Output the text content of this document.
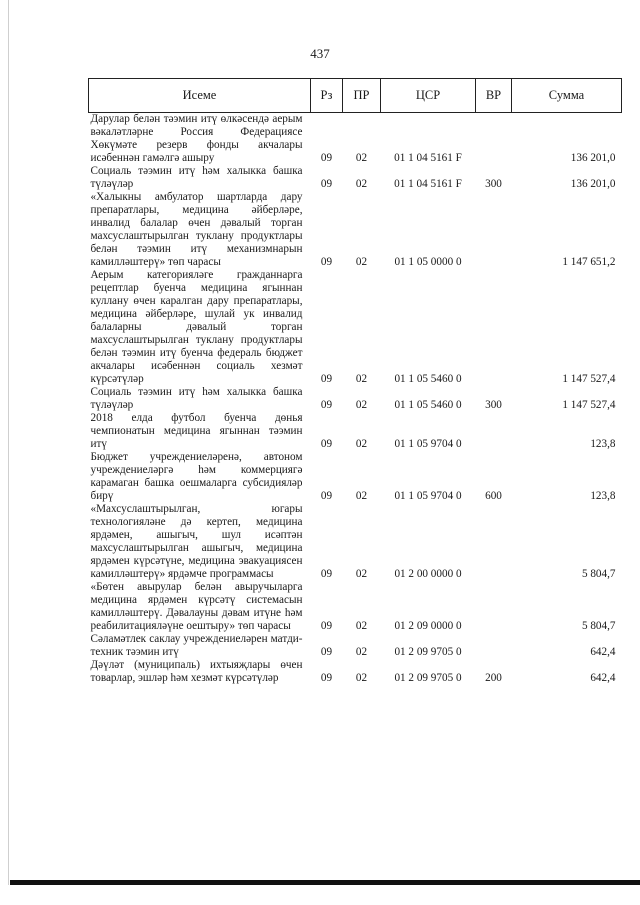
437
Исеме	Рз	ПР	ЦСР	ВР	Сумма
Дарулар белән тәэмин итү өлкәсендә аерым вәкаләтләрне Россия Федерациясе Хөкүмәте резерв фонды акчалары исәбеннән гамәлгә ашыру	09	02	01 1 04 5161 F		136 201,0
Социаль тәэмин итү һәм халыкка башка түләүләр	09	02	01 1 04 5161 F	300	136 201,0
«Халыкны амбулатор шартларда дару препаратлары, медицина әйберләре, инвалид балалар өчен дәвалый торган махсуслаштырылган туклану продуктлары белән тәэмин итү механизмнарын камилләштерү» төп чарасы	09	02	01 1 05 0000 0		1 147 651,2
Аерым категорияләге гражданнарга рецептлар буенча медицина ягыннан куллану өчен каралган дару препаратлары, медицина әйберләре, шулай ук инвалид балаларны дәвалый торган махсуслаштырылган туклану продуктлары белән тәэмин итү буенча федераль бюджет акчалары исәбеннән социаль хезмәт күрсәтүләр	09	02	01 1 05 5460 0		1 147 527,4
Социаль тәэмин итү һәм халыкка башка түләүләр	09	02	01 1 05 5460 0	300	1 147 527,4
2018 елда футбол буенча дөнья чемпионатын медицина ягыннан тәэмин итү	09	02	01 1 05 9704 0		123,8
Бюджет учреждениеләренә, автоном учреждениеләргә һәм коммерциягә карамаган башка оешмаларга субсидияләр бирү	09	02	01 1 05 9704 0	600	123,8
«Махсуслаштырылган, югары технологияләне дә кертеп, медицина ярдәмен, ашыгыч, шул исәптән махсуслаштырылган ашыгыч, медицина ярдәмен күрсәтүне, медицина эвакуациясен камилләштерү» ярдәмче программасы	09	02	01 2 00 0000 0		5 804,7
«Бөтен авырулар белән авыручыларга медицина ярдәмен күрсәтү системасын камилләштерү. Дәвалауны дәвам итүне һәм реабилитацияләүне оештыру» төп чарасы	09	02	01 2 09 0000 0		5 804,7
Сәламәтлек саклау учреждениеләрен матди-техник тәэмин итү	09	02	01 2 09 9705 0		642,4
Дәүләт (муниципаль) ихтыяҗлары өчен товарлар, эшләр һәм хезмәт күрсәтүләр	09	02	01 2 09 9705 0	200	642,4
